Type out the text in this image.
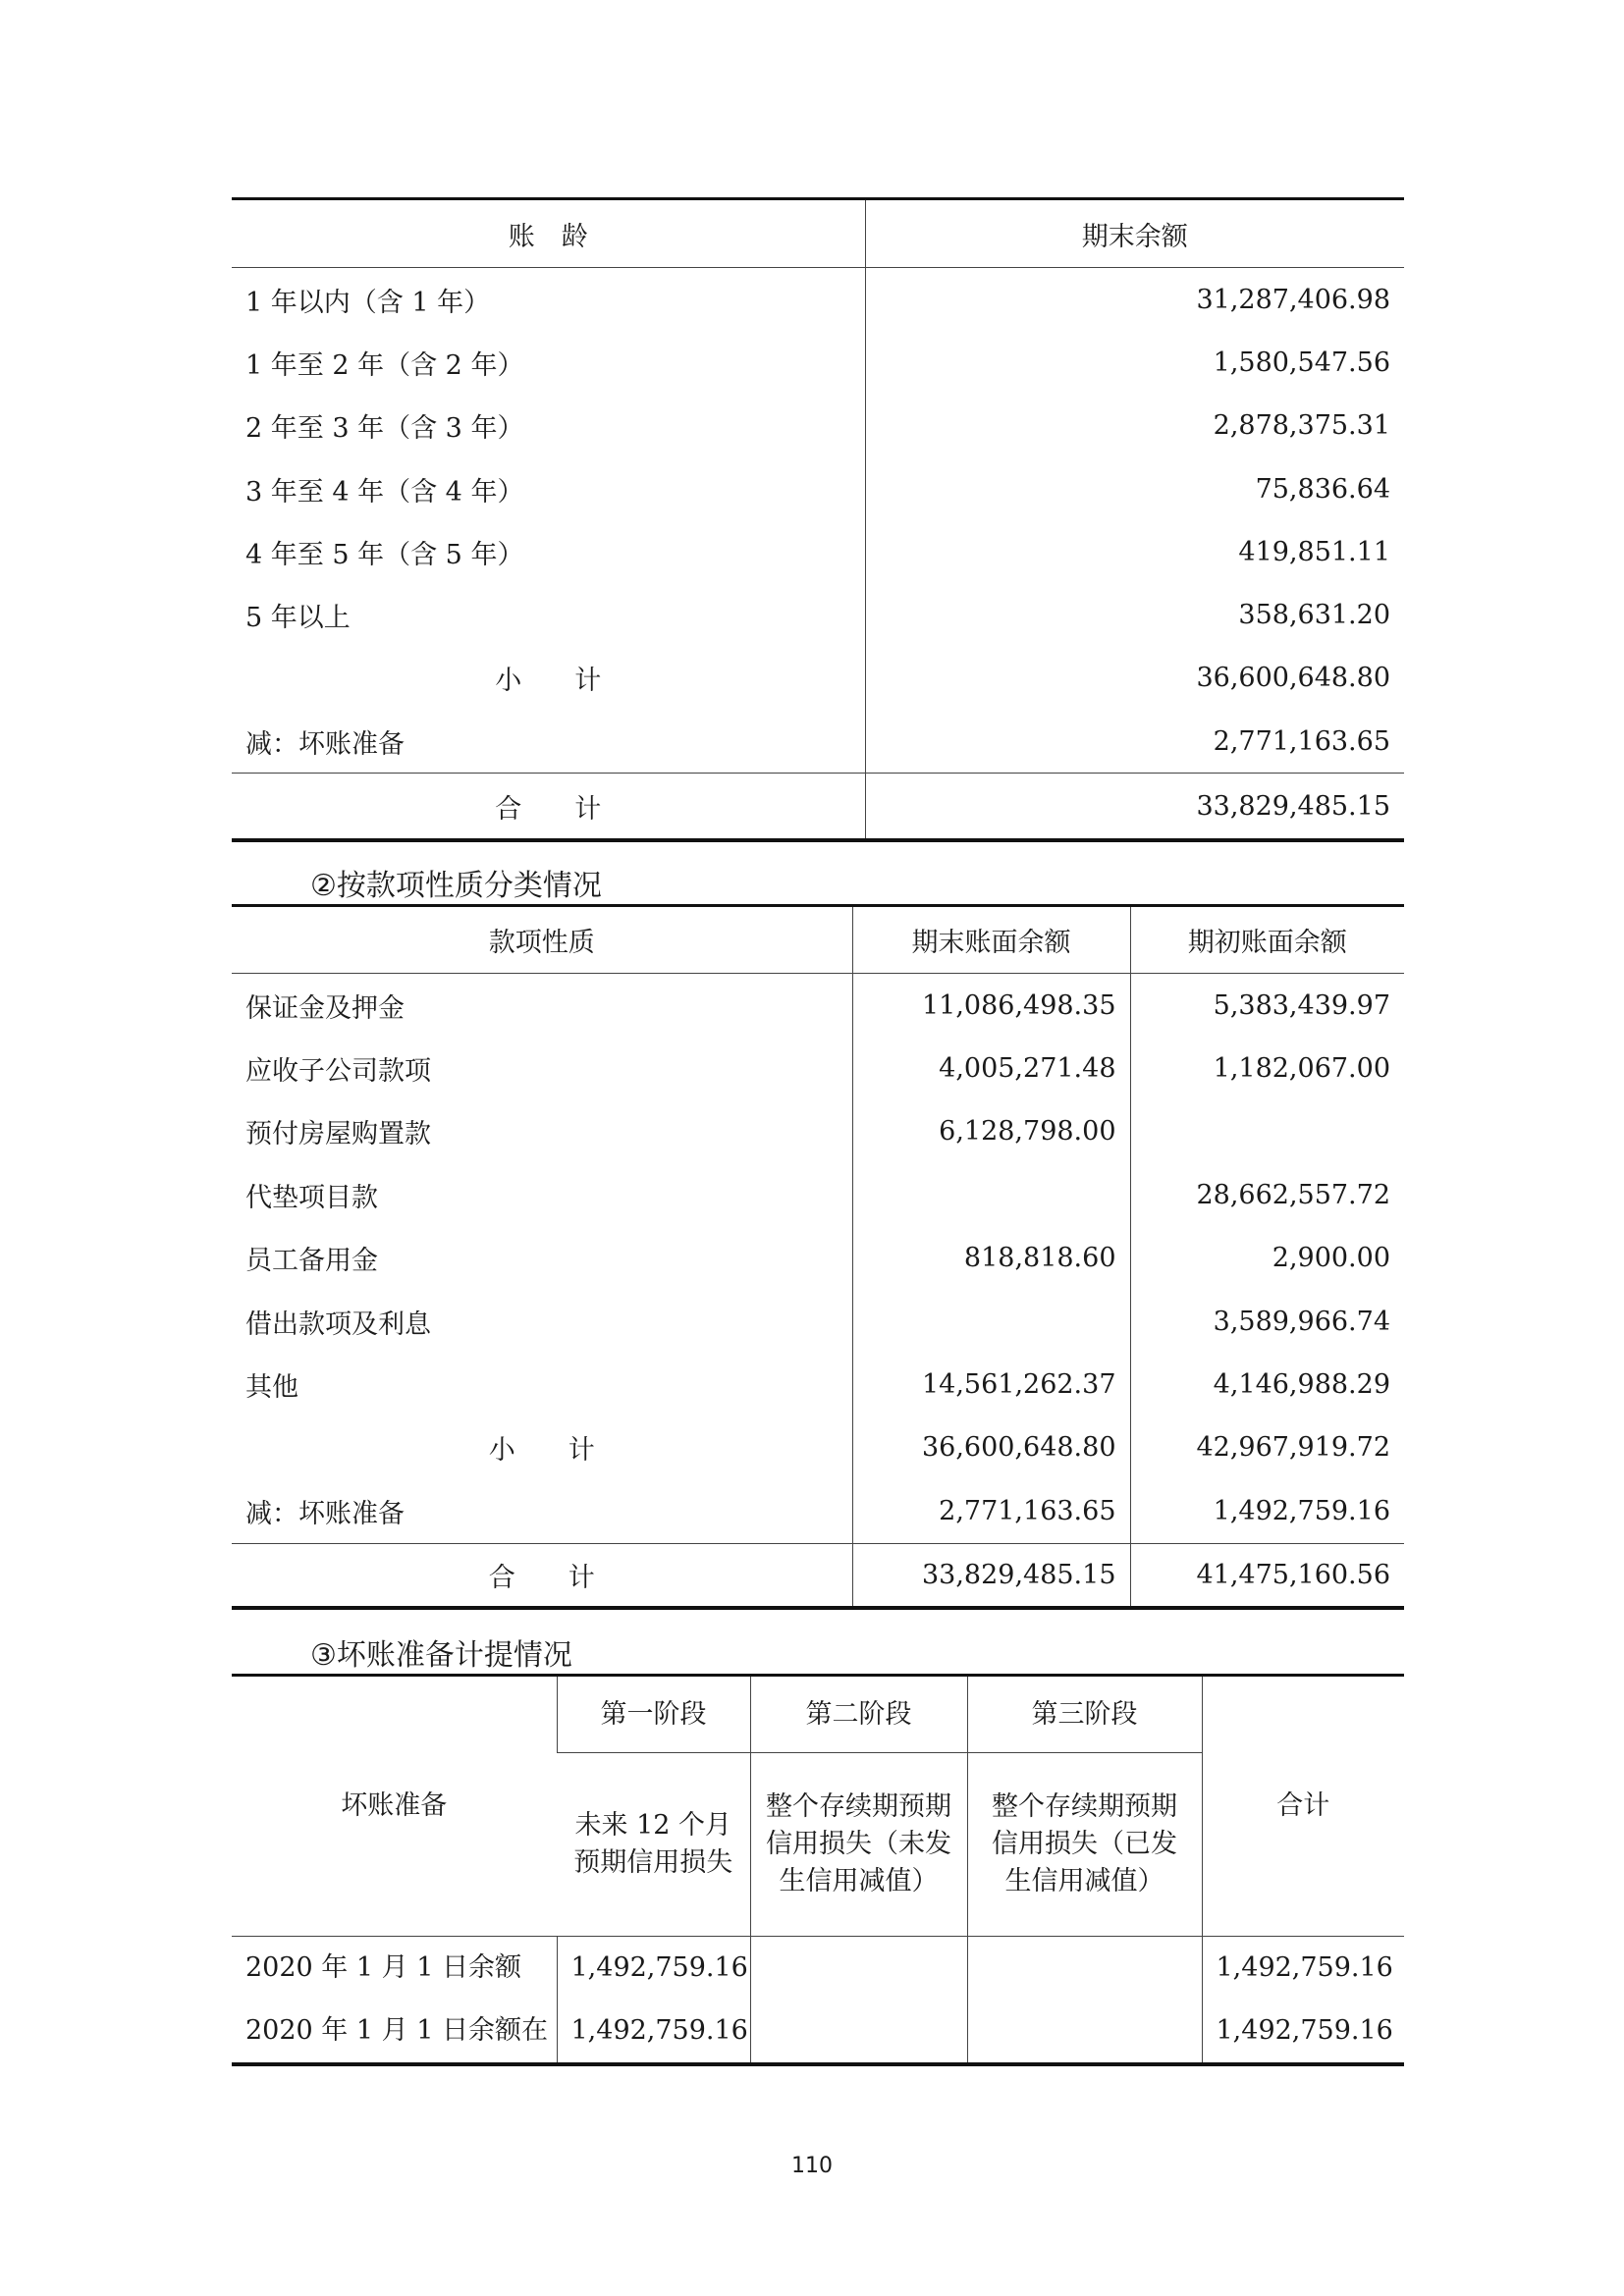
账　龄	期末余额
1 年以内（含 1 年）	31,287,406.98
1 年至 2 年（含 2 年）	1,580,547.56
2 年至 3 年（含 3 年）	2,878,375.31
3 年至 4 年（含 4 年）	75,836.64
4 年至 5 年（含 5 年）	419,851.11
5 年以上	358,631.20
小　　计	36,600,648.80
减：坏账准备	2,771,163.65
合　　计	33,829,485.15
②按款项性质分类情况
款项性质	期末账面余额	期初账面余额
保证金及押金	11,086,498.35	5,383,439.97
应收子公司款项	4,005,271.48	1,182,067.00
预付房屋购置款	6,128,798.00	
代垫项目款		28,662,557.72
员工备用金	818,818.60	2,900.00
借出款项及利息		3,589,966.74
其他	14,561,262.37	4,146,988.29
小　　计	36,600,648.80	42,967,919.72
减：坏账准备	2,771,163.65	1,492,759.16
合　　计	33,829,485.15	41,475,160.56
③坏账准备计提情况
坏账准备	第一阶段	第二阶段	第三阶段	合计
	未来 12 个月预期信用损失	整个存续期预期信用损失（未发生信用减值）	整个存续期预期信用损失（已发生信用减值）	
2020 年 1 月 1 日余额	1,492,759.16			1,492,759.16
2020 年 1 月 1 日余额在	1,492,759.16			1,492,759.16
110
